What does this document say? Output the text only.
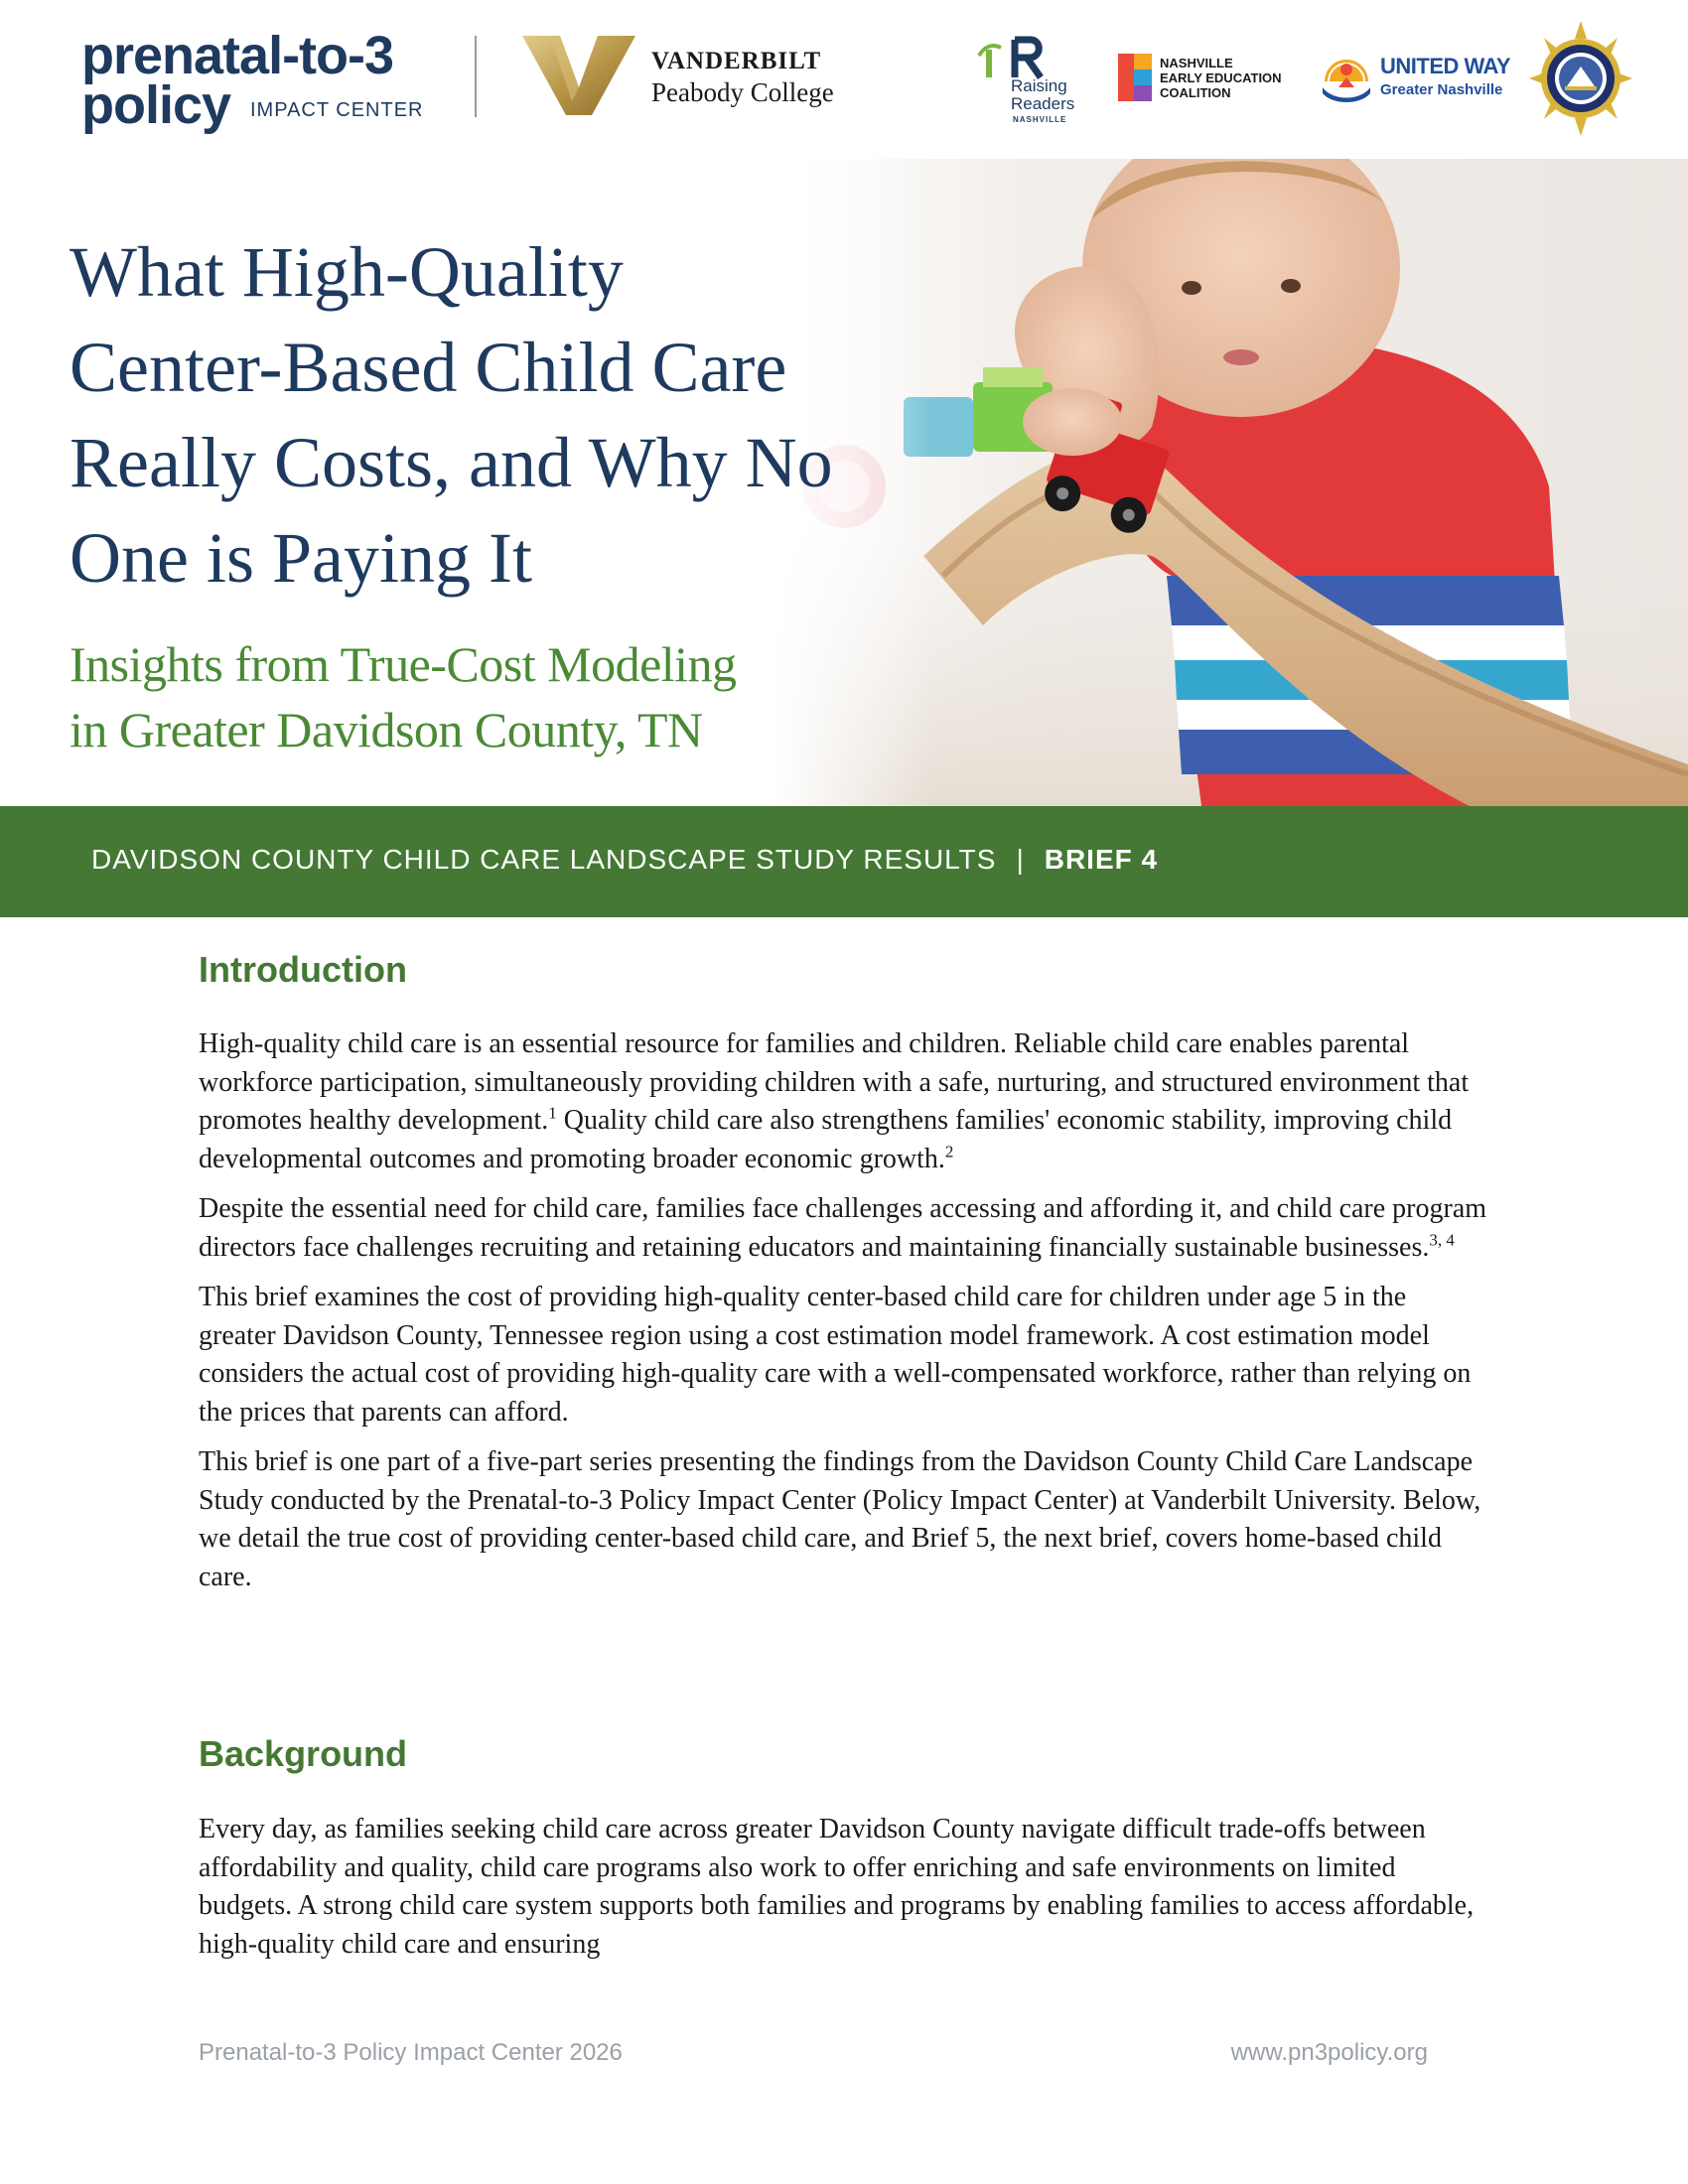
prenatal-to-3
policy IMPACT CENTER
VANDERBILT
Peabody College	Raising
Readers
NASHVILLE
NASHVILLE
EARLY EDUCATION
COALITION
UNITED WAY
Greater Nashville
What High-Quality
Center-Based Child Care
Really Costs, and Why No
One is Paying It
Insights from True-Cost Modeling
in Greater Davidson County, TN
DAVIDSON COUNTY CHILD CARE LANDSCAPE STUDY RESULTS | BRIEF 4
Introduction

High-quality child care is an essential resource for families and children. Reliable child care enables parental workforce participation, simultaneously providing children with a safe, nurturing, and structured environment that promotes healthy development.$^1$ Quality child care also strengthens families' economic stability, improving child developmental outcomes and promoting broader economic growth.$^2$

Despite the essential need for child care, families face challenges accessing and affording it, and child care program directors face challenges recruiting and retaining educators and maintaining financially sustainable businesses.$^{3, 4}$

This brief examines the cost of providing high-quality center-based child care for children under age 5 in the greater Davidson County, Tennessee region using a cost estimation model framework. A cost estimation model considers the actual cost of providing high-quality care with a well-compensated workforce, rather than relying on the prices that parents can afford.

This brief is one part of a five-part series presenting the findings from the Davidson County Child Care Landscape Study conducted by the Prenatal-to-3 Policy Impact Center (Policy Impact Center) at Vanderbilt University. Below, we detail the true cost of providing center-based child care, and Brief 5, the next brief, covers home-based child care.

Background

Every day, as families seeking child care across greater Davidson County navigate difficult trade-offs between affordability and quality, child care programs also work to offer enriching and safe environments on limited budgets. A strong child care system supports both families and programs by enabling families to access affordable, high-quality child care and ensuring

Prenatal-to-3 Policy Impact Center 2026	www.pn3policy.org
